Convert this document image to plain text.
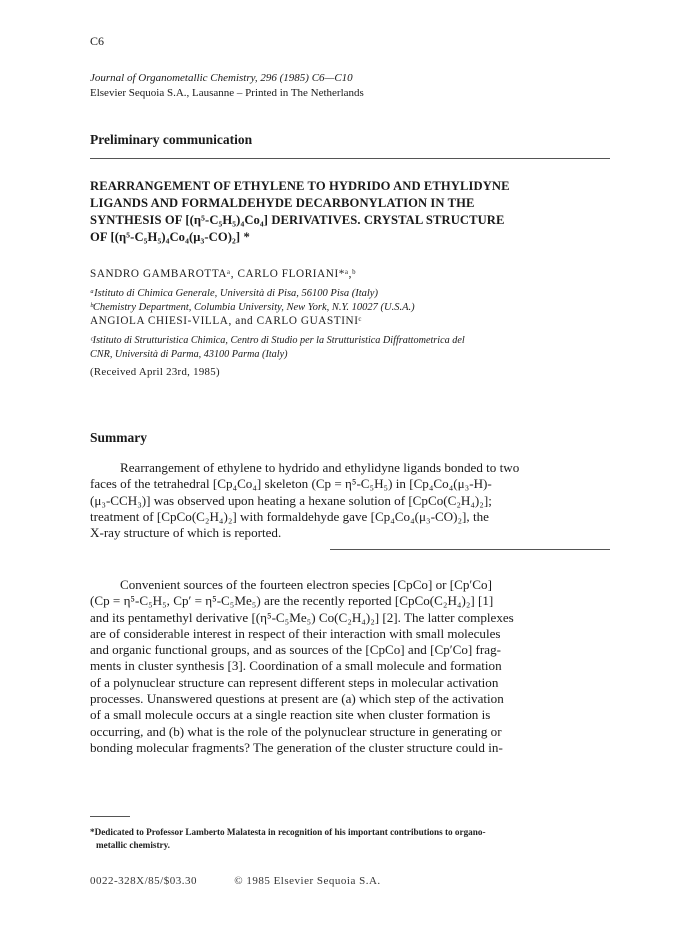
C6
Journal of Organometallic Chemistry, 296 (1985) C6—C10
Elsevier Sequoia S.A., Lausanne – Printed in The Netherlands
Preliminary communication
REARRANGEMENT OF ETHYLENE TO HYDRIDO AND ETHYLIDYNE
LIGANDS AND FORMALDEHYDE DECARBONYLATION IN THE
SYNTHESIS OF [(η⁵-C₅H₅)₄Co₄] DERIVATIVES. CRYSTAL STRUCTURE
OF [(η⁵-C₅H₅)₄Co₄(μ₃-CO)₂] *
SANDRO GAMBAROTTAᵃ, CARLO FLORIANI*ᵃ,ᵇ
ᵃIstituto di Chimica Generale, Università di Pisa, 56100 Pisa (Italy)
ᵇChemistry Department, Columbia University, New York, N.Y. 10027 (U.S.A.)
ANGIOLA CHIESI-VILLA, and CARLO GUASTINIᶜ
ᶜIstituto di Strutturistica Chimica, Centro di Studio per la Strutturistica Diffrattometrica del
CNR, Università di Parma, 43100 Parma (Italy)
(Received April 23rd, 1985)
Summary
Rearrangement of ethylene to hydrido and ethylidyne ligands bonded to two
faces of the tetrahedral [Cp₄Co₄] skeleton (Cp = η⁵-C₅H₅) in [Cp₄Co₄(μ₃-H)-
(μ₃-CCH₃)] was observed upon heating a hexane solution of [CpCo(C₂H₄)₂];
treatment of [CpCo(C₂H₄)₂] with formaldehyde gave [Cp₄Co₄(μ₃-CO)₂], the
X-ray structure of which is reported.
Convenient sources of the fourteen electron species [CpCo] or [Cp′Co]
(Cp = η⁵-C₅H₅, Cp′ = η⁵-C₅Me₅) are the recently reported [CpCo(C₂H₄)₂] [1]
and its pentamethyl derivative [(η⁵-C₅Me₅) Co(C₂H₄)₂] [2]. The latter complexes
are of considerable interest in respect of their interaction with small molecules
and organic functional groups, and as sources of the [CpCo] and [Cp′Co] frag-
ments in cluster synthesis [3]. Coordination of a small molecule and formation
of a polynuclear structure can represent different steps in molecular activation
processes. Unanswered questions at present are (a) which step of the activation
of a small molecule occurs at a single reaction site when cluster formation is
occurring, and (b) what is the role of the polynuclear structure in generating or
bonding molecular fragments? The generation of the cluster structure could in-
*Dedicated to Professor Lamberto Malatesta in recognition of his important contributions to organo-
metallic chemistry.
0022-328X/85/$03.30	© 1985 Elsevier Sequoia S.A.
